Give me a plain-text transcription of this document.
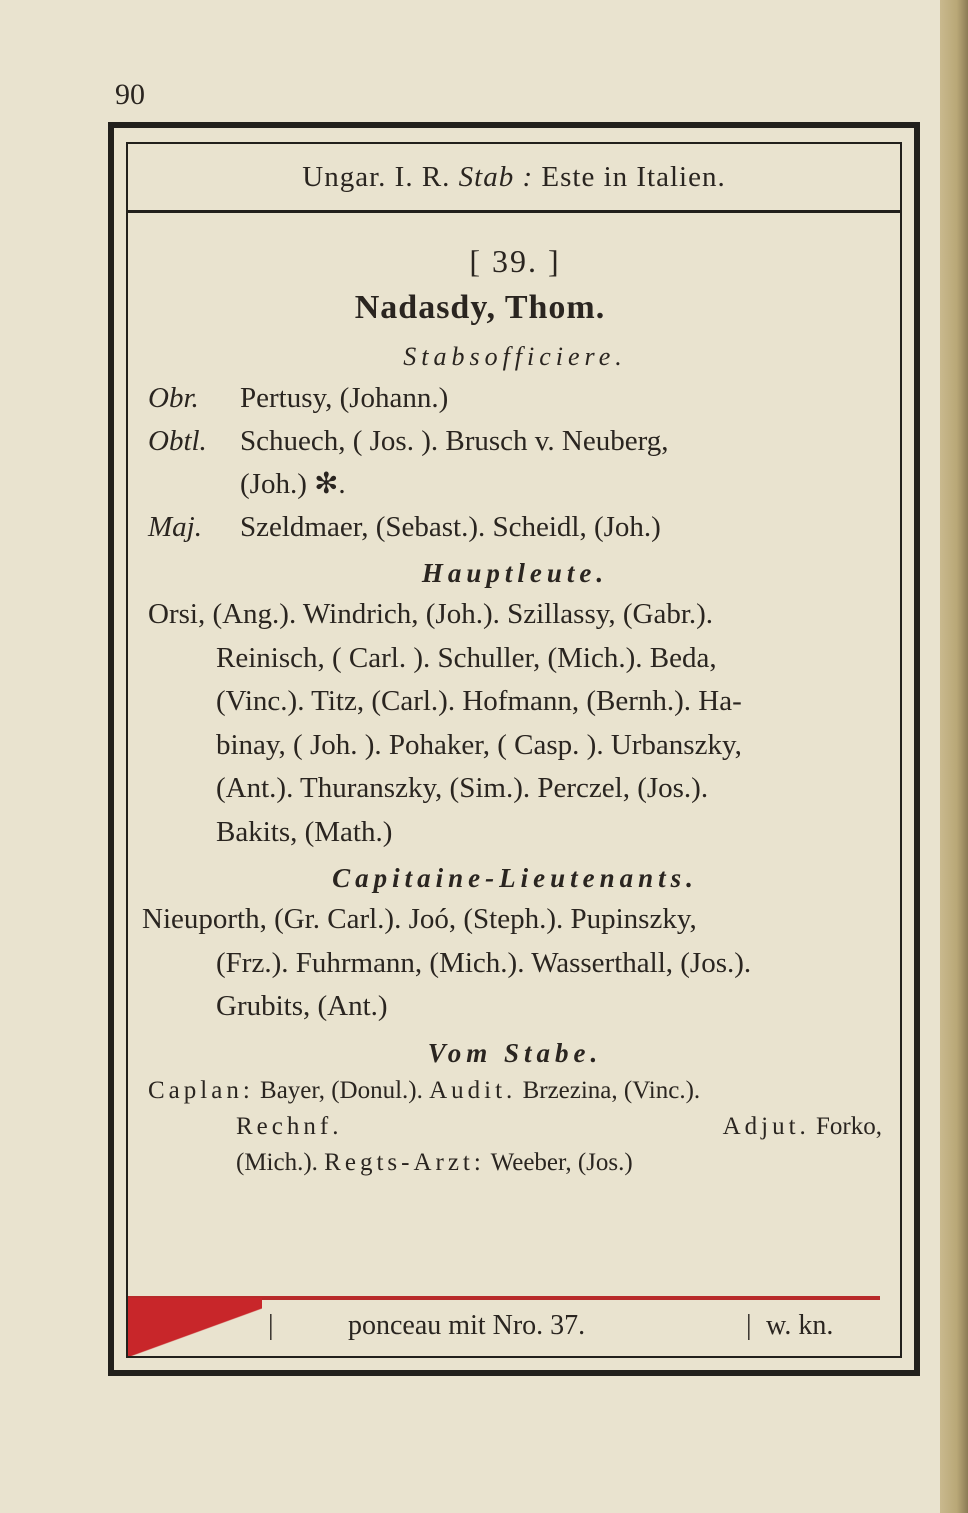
90
Ungar. I. R. Stab : Este in Italien.
[ 39. ]
Nadasdy, Thom.
Stabsofficiere.
Obr. Pertusy, (Johann.)
Obtl. Schuech, ( Jos. ). Brusch v. Neuberg,
(Joh.) ✻.
Maj. Szeldmaer, (Sebast.). Scheidl, (Joh.)
Hauptleute.
Orsi, (Ang.). Windrich, (Joh.). Szillassy, (Gabr.).
Reinisch, ( Carl. ). Schuller, (Mich.). Beda,
(Vinc.). Titz, (Carl.). Hofmann, (Bernh.). Ha-
binay, ( Joh. ). Pohaker, ( Casp. ). Urbanszky,
(Ant.). Thuranszky, (Sim.). Perczel, (Jos.).
Bakits, (Math.)
Capitaine-Lieutenants.
Nieuporth, (Gr. Carl.). Joó, (Steph.). Pupinszky,
(Frz.). Fuhrmann, (Mich.). Wasserthall, (Jos.).
Grubits, (Ant.)
Vom Stabe.
Caplan: Bayer, (Donul.). Audit. Brzezina, (Vinc.).
Rechnf.	Adjut. Forko,
(Mich.). Regts-Arzt: Weeber, (Jos.)
|	ponceau mit Nro. 37.	| w. kn.
